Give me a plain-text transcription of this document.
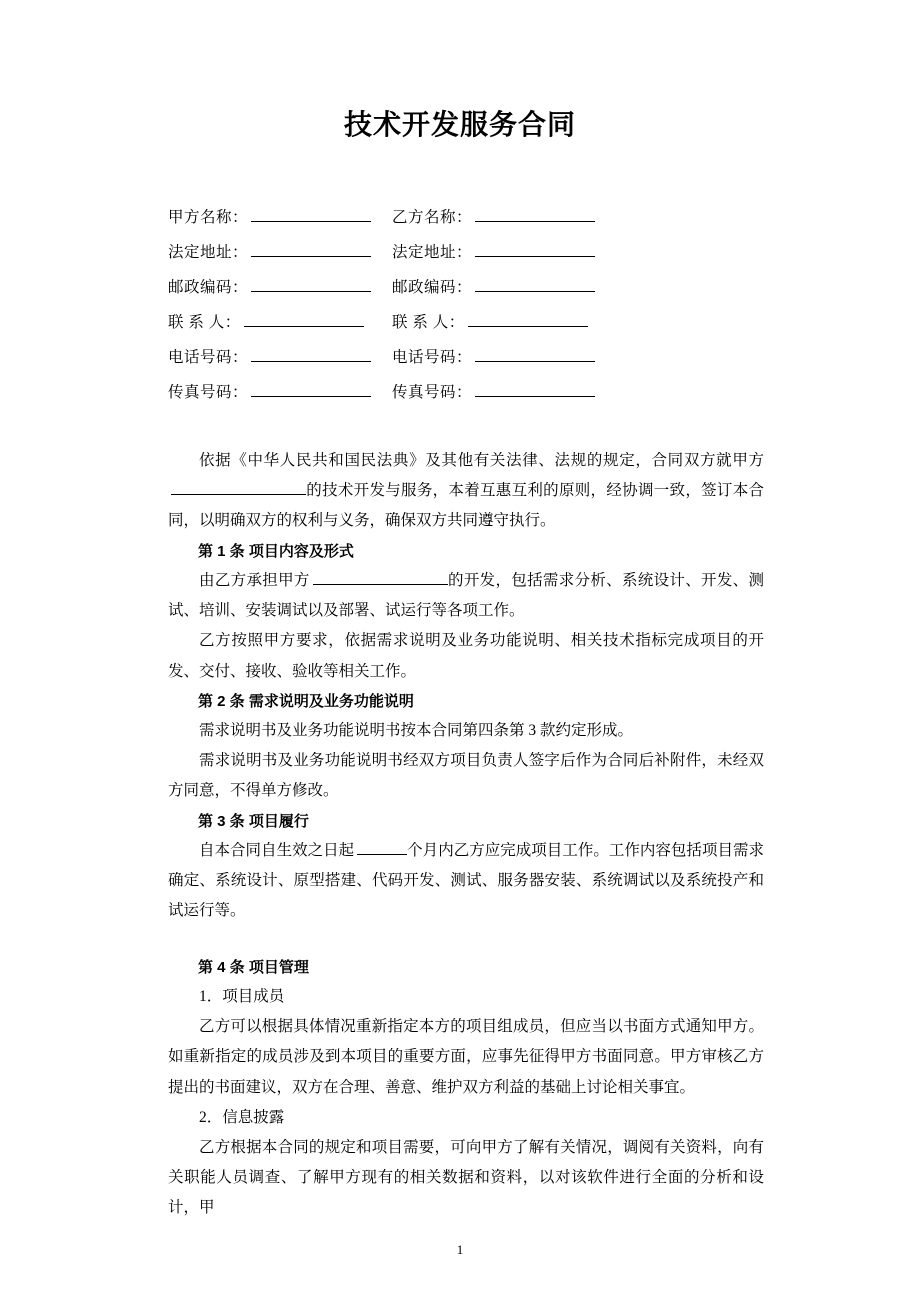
技术开发服务合同
甲方名称：	乙方名称：
法定地址：	法定地址：
邮政编码：	邮政编码：
联 系 人：	联 系 人：
电话号码：	电话号码：
传真号码：	传真号码：

依据《中华人民共和国民法典》及其他有关法律、法规的规定，合同双方就甲方的技术开发与服务，本着互惠互利的原则，经协调一致，签订本合同，以明确双方的权利与义务，确保双方共同遵守执行。

第 1 条 项目内容及形式

由乙方承担甲方	的开发，包括需求分析、系统设计、开发、测试、培训、安装调试以及部署、试运行等各项工作。

乙方按照甲方要求，依据需求说明及业务功能说明、相关技术指标完成项目的开发、交付、接收、验收等相关工作。

第 2 条 需求说明及业务功能说明

需求说明书及业务功能说明书按本合同第四条第 3 款约定形成。

需求说明书及业务功能说明书经双方项目负责人签字后作为合同后补附件，未经双方同意，不得单方修改。

第 3 条 项目履行

自本合同自生效之日起	个月内乙方应完成项目工作。工作内容包括项目需求确定、系统设计、原型搭建、代码开发、测试、服务器安装、系统调试以及系统投产和试运行等。

第 4 条 项目管理

1．项目成员

乙方可以根据具体情况重新指定本方的项目组成员，但应当以书面方式通知甲方。如重新指定的成员涉及到本项目的重要方面，应事先征得甲方书面同意。甲方审核乙方提出的书面建议，双方在合理、善意、维护双方利益的基础上讨论相关事宜。

2．信息披露

乙方根据本合同的规定和项目需要，可向甲方了解有关情况，调阅有关资料，向有关职能人员调查、了解甲方现有的相关数据和资料，以对该软件进行全面的分析和设计，甲

1
